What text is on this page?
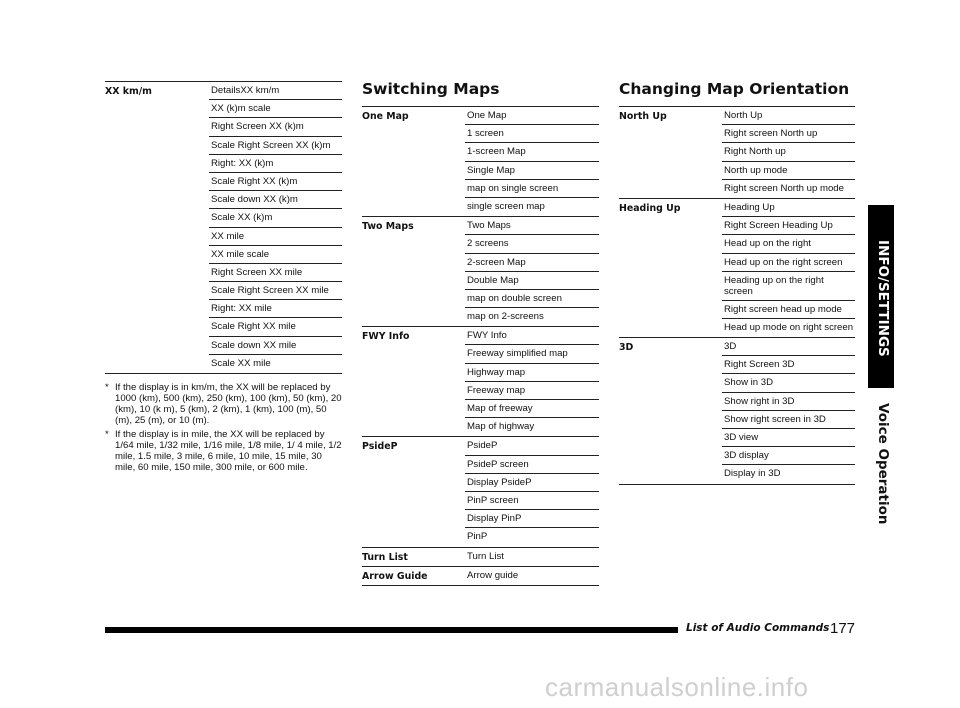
XX km/m	DetailsXX km/m
XX (k)m scale
Right Screen XX (k)m
Scale Right Screen XX (k)m
Right: XX (k)m
Scale Right XX (k)m
Scale down XX (k)m
Scale XX (k)m
XX mile
XX mile scale
Right Screen XX mile
Scale Right Screen XX mile
Right: XX mile
Scale Right XX mile
Scale down XX mile
Scale XX mile
* If the display is in km/m, the XX will be replaced by 1000 (km), 500 (km), 250 (km), 100 (km), 50 (km), 20 (km), 10 (k m), 5 (km), 2 (km), 1 (km), 100 (m), 50 (m), 25 (m), or 10 (m).
* If the display is in mile, the XX will be replaced by 1/64 mile, 1/32 mile, 1/16 mile, 1/8 mile, 1/ 4 mile, 1/2 mile, 1.5 mile, 3 mile, 6 mile, 10 mile, 15 mile, 30 mile, 60 mile, 150 mile, 300 mile, or 600 mile.
Switching Maps
One Map	One Map
1 screen
1-screen Map
Single Map
map on single screen
single screen map
Two Maps	Two Maps
2 screens
2-screen Map
Double Map
map on double screen
map on 2-screens
FWY Info	FWY Info
Freeway simplified map
Highway map
Freeway map
Map of freeway
Map of highway
PsideP	PsideP
PsideP screen
Display PsideP
PinP screen
Display PinP
PinP
Turn List	Turn List
Arrow Guide	Arrow guide
Changing Map Orientation
North Up	North Up
Right screen North up
Right North up
North up mode
Right screen North up mode
Heading Up	Heading Up
Right Screen Heading Up
Head up on the right
Head up on the right screen
Heading up on the right screen
Right screen head up mode
Head up mode on right screen
3D	3D
Right Screen 3D
Show in 3D
Show right in 3D
Show right screen in 3D
3D view
3D display
Display in 3D
INFO/SETTINGS
Voice Operation
List of Audio Commands 177
carmanualsonline.info
